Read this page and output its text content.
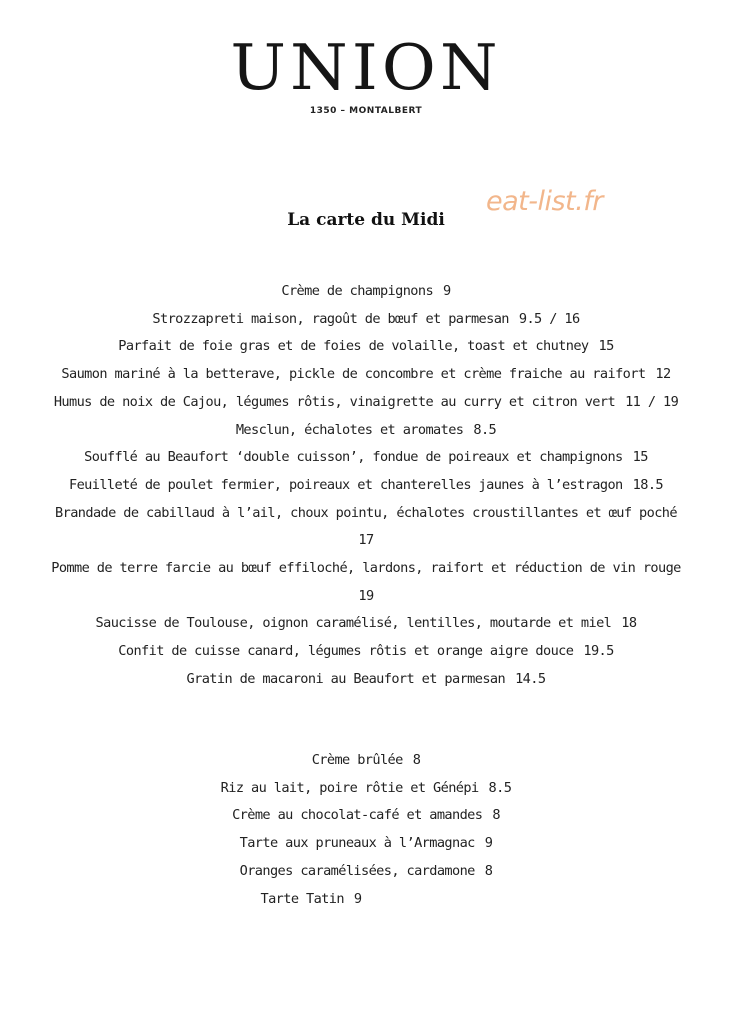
UNION
1350 – MONTALBERT
eat-list.fr
La carte du Midi
Crème de champignons 9
Strozzapreti maison, ragoût de bœuf et parmesan 9.5 / 16
Parfait de foie gras et de foies de volaille, toast et chutney 15
Saumon mariné à la betterave, pickle de concombre et crème fraiche au raifort 12
Humus de noix de Cajou, légumes rôtis, vinaigrette au curry et citron vert 11 / 19
Mesclun, échalotes et aromates 8.5
Soufflé au Beaufort ‘double cuisson’, fondue de poireaux et champignons 15
Feuilleté de poulet fermier, poireaux et chanterelles jaunes à l’estragon 18.5
Brandade de cabillaud à l’ail, choux pointu, échalotes croustillantes et œuf poché
17
Pomme de terre farcie au bœuf effiloché, lardons, raifort et réduction de vin rouge
19
Saucisse de Toulouse, oignon caramélisé, lentilles, moutarde et miel 18
Confit de cuisse canard, légumes rôtis et orange aigre douce 19.5
Gratin de macaroni au Beaufort et parmesan 14.5
Crème brûlée 8
Riz au lait, poire rôtie et Génépi 8.5
Crème au chocolat-café et amandes 8
Tarte aux pruneaux à l’Armagnac 9
Oranges caramélisées, cardamone 8
Tarte Tatin 9
